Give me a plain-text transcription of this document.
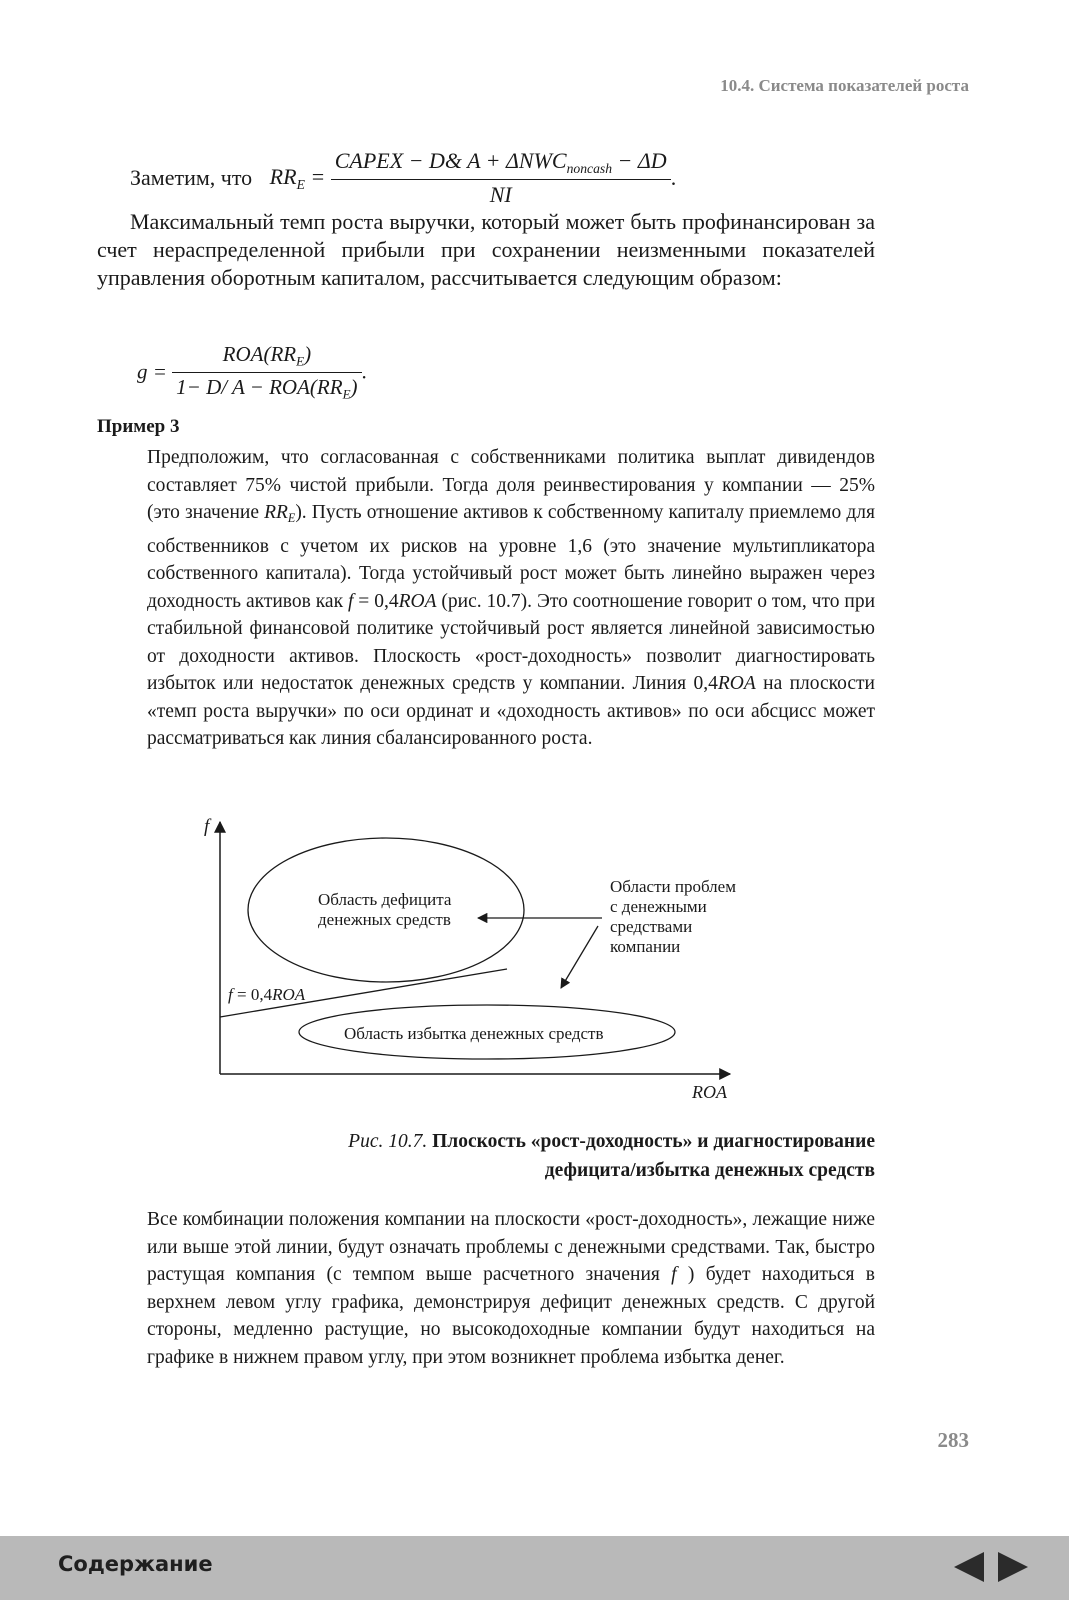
10.4. Система показателей роста
Заметим, что $RR_E = \frac{CAPEX - D\& A + \Delta NWC_{noncash} - \Delta D}{NI}$ .

Максимальный темп роста выручки, который может быть профинансирован за счет нераспределенной прибыли при сохранении неизменными показателей управления оборотным капиталом, рассчитывается следующим образом:

$g = \frac{ROA(RR_E)}{1- D/ A - ROA(RR_E)}$ .
Пример 3

Предположим, что согласованная с собственниками политика выплат дивидендов составляет 75% чистой прибыли. Тогда доля реинвестирования у компании — 25% (это значение $RR_E$). Пусть отношение активов к собственному капиталу приемлемо для собственников с учетом их рисков на уровне 1,6 (это значение мультипликатора собственного капитала). Тогда устойчивый рост может быть линейно выражен через доходность активов как f = 0,4ROA (рис. 10.7). Это соотношение говорит о том, что при стабильной финансовой политике устойчивый рост является линейной зависимостью от доходности активов. Плоскость «рост-доходность» позволит диагностировать избыток или недостаток денежных средств у компании. Линия 0,4ROA на плоскости «темп роста выручки» по оси ординат и «доходность активов» по оси абсцисс может рассматриваться как линия сбалансированного роста.

f
ROA
Область дефицита
денежных средств
Область избытка денежных средств
f = 0,4ROA
Области проблем
с денежными
средствами
компании
Рис. 10.7. Плоскость «рост-доходность» и диагностирование дефицита/избытка денежных средств

Все комбинации положения компании на плоскости «рост-доходность», лежащие ниже или выше этой линии, будут означать проблемы с денежными средствами. Так, быстро растущая компания (с темпом выше расчетного значения f ) будет находиться в верхнем левом углу графика, демонстрируя дефицит денежных средств. С другой стороны, медленно растущие, но высокодоходные компании будут находиться на графике в нижнем правом углу, при этом возникнет проблема избытка денег.

283
Содержание
